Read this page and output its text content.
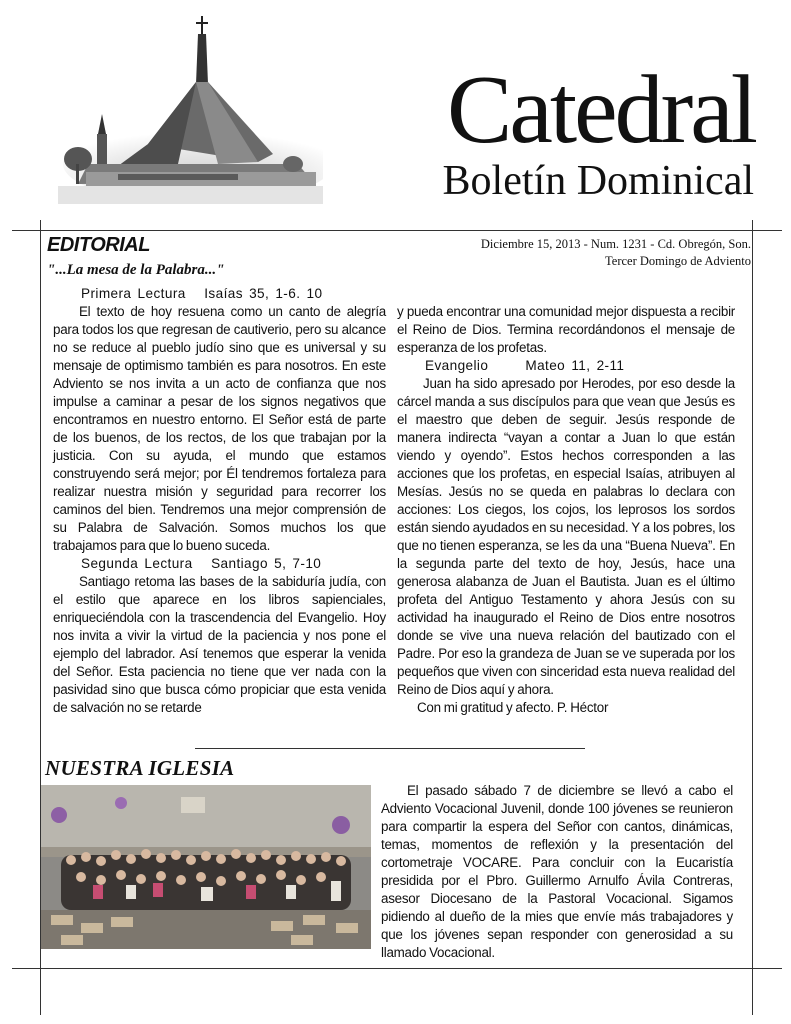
Catedral
Boletín Dominical
EDITORIAL
"...La mesa de la Palabra..."
Diciembre 15, 2013 - Num. 1231 - Cd. Obregón, Son.
Tercer Domingo de Adviento

Primera Lectura   Isaías 35, 1-6. 10

El texto de hoy resuena como un canto de alegría para todos los que regresan de cautiverio, pero su alcance no se reduce al pueblo judío sino que es universal y su mensaje de optimismo también es para nosotros. En este Adviento se nos invita a un acto de confianza que nos impulse a caminar a pesar de los signos negativos que encontramos en nuestro entorno. El Señor está de parte de los buenos, de los rectos, de los que trabajan por la justicia. Con su ayuda, el mundo que estamos construyendo será mejor; por Él tendremos fortaleza para realizar nuestra misión y seguridad para recorrer los caminos del bien. Tendremos una mejor comprensión de su Palabra de Salvación. Somos muchos los que trabajamos para que lo bueno suceda.

Segunda Lectura   Santiago 5, 7-10

Santiago retoma las bases de la sabiduría judía, con el estilo que aparece en los libros sapienciales, enriqueciéndola con la trascendencia del Evangelio. Hoy nos invita a vivir la virtud de la paciencia y nos pone el ejemplo del labrador. Así tenemos que esperar la venida del Señor. Esta paciencia no tiene que ver nada con la pasividad sino que busca cómo propiciar que esta venida de salvación no se retarde

y pueda encontrar una comunidad mejor dispuesta a recibir el Reino de Dios. Termina recordándonos el mensaje de esperanza de los profetas.

Evangelio      Mateo 11, 2-11

Juan ha sido apresado por Herodes, por eso desde la cárcel manda a sus discípulos para que vean que Jesús es el maestro que deben de seguir. Jesús responde de manera indirecta “vayan a contar a Juan lo que están viendo y oyendo”. Estos hechos corresponden a las acciones que los profetas, en especial Isaías, atribuyen al Mesías. Jesús no se queda en palabras lo declara con acciones: Los ciegos, los cojos, los leprosos los sordos están siendo ayudados en su necesidad. Y a los pobres, los que no tienen esperanza, se les da una “Buena Nueva”. En la segunda parte del texto de hoy, Jesús, hace una generosa alabanza de Juan el Bautista. Juan es el último profeta del Antiguo Testamento y ahora Jesús con su actividad ha inaugurado el Reino de Dios entre nosotros donde se vive una nueva relación del bautizado con el Padre. Por eso la grandeza de Juan se ve superada por los pequeños que viven con sinceridad esta nueva realidad del Reino de Dios aquí y ahora.

Con mi gratitud y afecto. P. Héctor

NUESTRA IGLESIA

El pasado sábado 7 de diciembre se llevó a cabo el Adviento Vocacional Juvenil, donde 100 jóvenes se reunieron para compartir la espera del Señor con cantos, dinámicas, temas, momentos de reflexión y la presentación del cortometraje VOCARE. Para concluir con la Eucaristía presidida por el Pbro. Guillermo Arnulfo Ávila Contreras, asesor Diocesano de la Pastoral Vocacional. Sigamos pidiendo al dueño de la mies que envíe más trabajadores y que los jóvenes sepan responder con generosidad a su llamado Vocacional.
